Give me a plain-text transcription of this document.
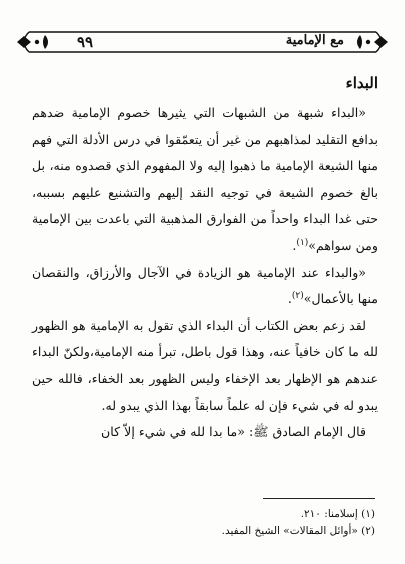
٩٩	مع الإمامية
البداء

«البداء شبهة من الشبهات التي يثيرها خصوم الإمامية ضدهم بدافع التقليد لمذاهبهم من غير أن يتعمّقوا في درس الأدلة التي فهم منها الشيعة الإمامية ما ذهبوا إليه ولا المفهوم الذي قصدوه منه، بل بالغ خصوم الشيعة في توجيه النقد إليهم والتشنيع عليهم بسببه، حتى غدا البداء واحداً من الفوارق المذهبية التي باعدت بين الإمامية ومن سواهم»$^{(١)}$.

«والبداء عند الإمامية هو الزيادة في الآجال والأرزاق، والنقصان منها بالأعمال»$^{(٢)}$.

لقد زعم بعض الكتاب أن البداء الذي تقول به الإمامية هو الظهور لله ما كان خافياً عنه، وهذا قول باطل، تبرأ منه الإمامية،ولكنّ البداء عندهم هو الإظهار بعد الإخفاء وليس الظهور بعد الخفاء، فالله حين يبدو له في شيء فإن له علماً سابقاً بهذا الذي يبدو له.

قال الإمام الصادق ﷺ: «ما بدا لله في شيء إلاّ كان

(١) إسلامنا: ٢١٠.

(٢) «أوائل المقالات» الشيخ المفيد.
